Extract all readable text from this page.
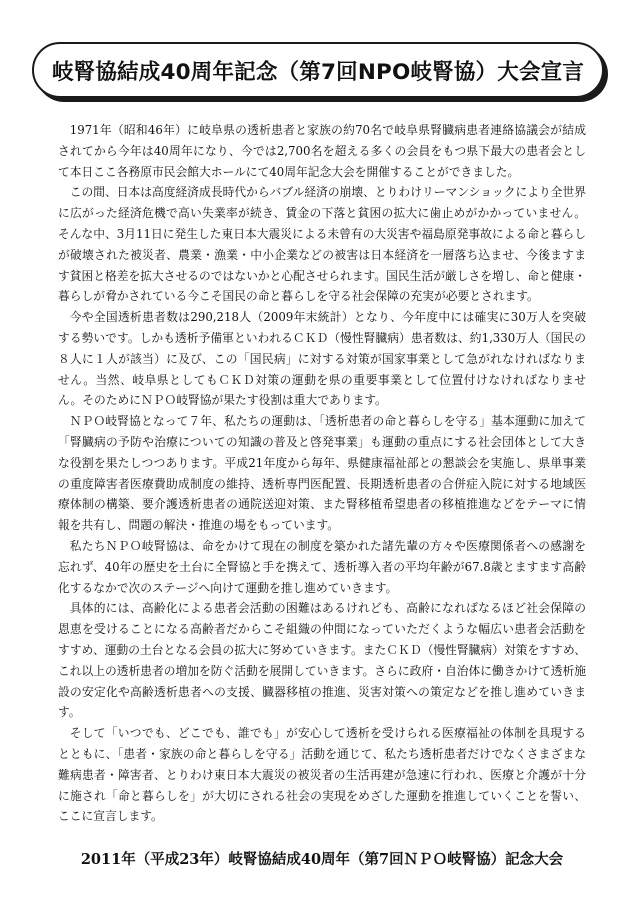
岐腎協結成40周年記念（第7回NPO岐腎協）大会宣言

1971年（昭和46年）に岐阜県の透析患者と家族の約70名で岐阜県腎臓病患者連絡協議会が結成されてから今年は40周年になり、今では2,700名を超える多くの会員をもつ県下最大の患者会として本日ここ各務原市民会館大ホールにて40周年記念大会を開催することができました。

この間、日本は高度経済成長時代からバブル経済の崩壊、とりわけリーマンショックにより全世界に広がった経済危機で高い失業率が続き、賃金の下落と貧困の拡大に歯止めがかかっていません。そんな中、3月11日に発生した東日本大震災による未曾有の大災害や福島原発事故による命と暮らしが破壊された被災者、農業・漁業・中小企業などの被害は日本経済を一層落ち込ませ、今後ますます貧困と格差を拡大させるのではないかと心配させられます。国民生活が厳しさを増し、命と健康・暮らしが脅かされている今こそ国民の命と暮らしを守る社会保障の充実が必要とされます。

今や全国透析患者数は290,218人（2009年末統計）となり、今年度中には確実に30万人を突破する勢いです。しかも透析予備軍といわれるＣＫＤ（慢性腎臓病）患者数は、約1,330万人（国民の８人に１人が該当）に及び、この「国民病」に対する対策が国家事業として急がれなければなりません。当然、岐阜県としてもＣＫＤ対策の運動を県の重要事業として位置付けなければなりません。そのためにＮＰＯ岐腎協が果たす役割は重大であります。

ＮＰＯ岐腎協となって７年、私たちの運動は、「透析患者の命と暮らしを守る」基本運動に加えて「腎臓病の予防や治療についての知識の普及と啓発事業」も運動の重点にする社会団体として大きな役割を果たしつつあります。平成21年度から毎年、県健康福祉部との懇談会を実施し、県単事業の重度障害者医療費助成制度の維持、透析専門医配置、長期透析患者の合併症入院に対する地域医療体制の構築、要介護透析患者の通院送迎対策、また腎移植希望患者の移植推進などをテーマに情報を共有し、問題の解決・推進の場をもっています。

私たちＮＰＯ岐腎協は、命をかけて現在の制度を築かれた諸先輩の方々や医療関係者への感謝を忘れず、40年の歴史を土台に全腎協と手を携えて、透析導入者の平均年齢が67.8歳とますます高齢化するなかで次のステージへ向けて運動を推し進めていきます。

具体的には、高齢化による患者会活動の困難はあるけれども、高齢になればなるほど社会保障の恩恵を受けることになる高齢者だからこそ組織の仲間になっていただくような幅広い患者会活動をすすめ、運動の土台となる会員の拡大に努めていきます。またＣＫＤ（慢性腎臓病）対策をすすめ、これ以上の透析患者の増加を防ぐ活動を展開していきます。さらに政府・自治体に働きかけて透析施設の安定化や高齢透析患者への支援、臓器移植の推進、災害対策への策定などを推し進めていきます。

そして「いつでも、どこでも、誰でも」が安心して透析を受けられる医療福祉の体制を具現するとともに、「患者・家族の命と暮らしを守る」活動を通じて、私たち透析患者だけでなくさまざまな難病患者・障害者、とりわけ東日本大震災の被災者の生活再建が急速に行われ、医療と介護が十分に施され「命と暮らしを」が大切にされる社会の実現をめざした運動を推進していくことを誓い、ここに宣言します。

2011年（平成23年）岐腎協結成40周年（第7回ＮＰＯ岐腎協）記念大会
